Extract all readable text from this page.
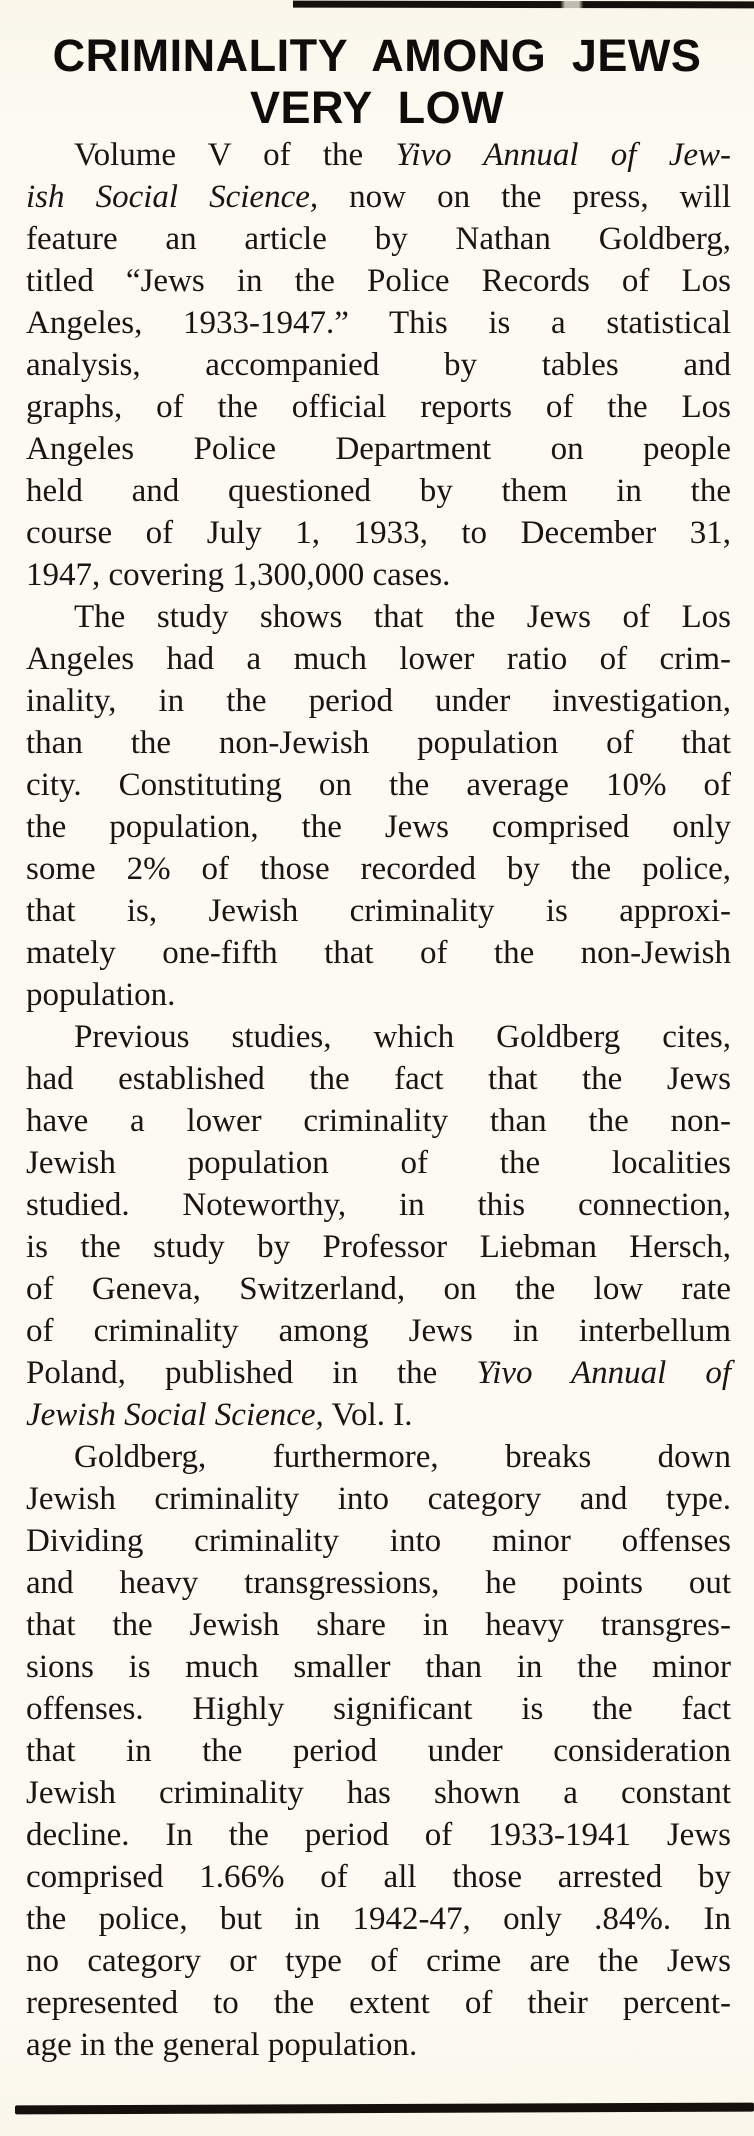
CRIMINALITY AMONG JEWS
VERY LOW

Volume V of the Yivo Annual of Jew-
ish Social Science, now on the press, will
feature an article by Nathan Goldberg,
titled “Jews in the Police Records of Los
Angeles, 1933-1947.” This is a statistical
analysis, accompanied by tables and
graphs, of the official reports of the Los
Angeles Police Department on people
held and questioned by them in the
course of July 1, 1933, to December 31,
1947, covering 1,300,000 cases.

The study shows that the Jews of Los
Angeles had a much lower ratio of crim-
inality, in the period under investigation,
than the non-Jewish population of that
city. Constituting on the average 10% of
the population, the Jews comprised only
some 2% of those recorded by the police,
that is, Jewish criminality is approxi-
mately one-fifth that of the non-Jewish
population.

Previous studies, which Goldberg cites,
had established the fact that the Jews
have a lower criminality than the non-
Jewish population of the localities
studied. Noteworthy, in this connection,
is the study by Professor Liebman Hersch,
of Geneva, Switzerland, on the low rate
of criminality among Jews in interbellum
Poland, published in the Yivo Annual of
Jewish Social Science, Vol. I.

Goldberg, furthermore, breaks down
Jewish criminality into category and type.
Dividing criminality into minor offenses
and heavy transgressions, he points out
that the Jewish share in heavy transgres-
sions is much smaller than in the minor
offenses. Highly significant is the fact
that in the period under consideration
Jewish criminality has shown a constant
decline. In the period of 1933-1941 Jews
comprised 1.66% of all those arrested by
the police, but in 1942-47, only .84%. In
no category or type of crime are the Jews
represented to the extent of their percent-
age in the general population.
